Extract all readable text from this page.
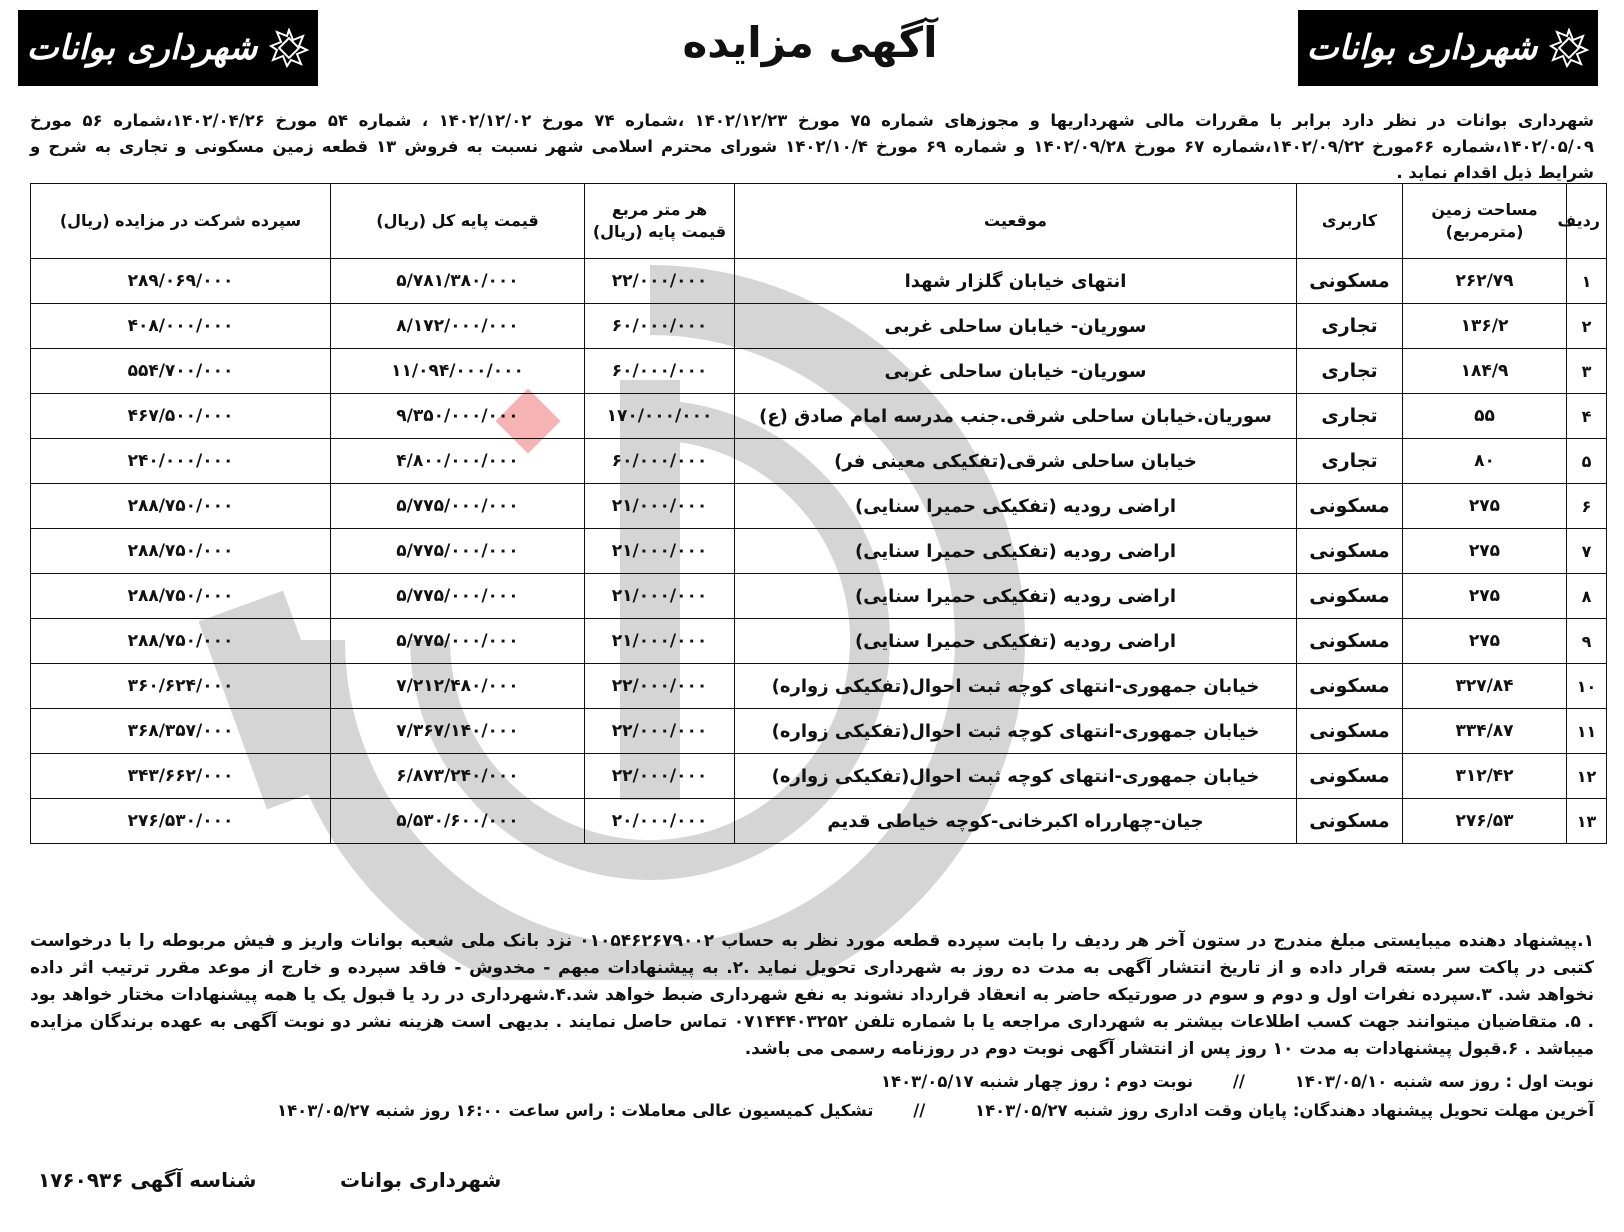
شهرداری بوانات
آگهی مزایده
شهرداری بوانات
شهرداری بوانات در نظر دارد برابر با مقررات مالی شهرداریها و مجوزهای شماره ۷۵ مورخ ۱۴۰۲/۱۲/۲۳ ،شماره ۷۴ مورخ ۱۴۰۲/۱۲/۰۲ ، شماره ۵۴ مورخ ۱۴۰۲/۰۴/۲۶،شماره ۵۶ مورخ ۱۴۰۲/۰۵/۰۹،شماره ۶۶مورخ ۱۴۰۲/۰۹/۲۲،شماره ۶۷ مورخ ۱۴۰۲/۰۹/۲۸ و شماره ۶۹ مورخ ۱۴۰۲/۱۰/۴ شورای محترم اسلامی شهر نسبت به فروش ۱۳ قطعه زمین مسکونی و تجاری به شرح و شرایط ذیل اقدام نماید .
ردیف	مساحت زمین (مترمربع)	کاربری	موقعیت	هر متر مربع قیمت پایه (ریال)	قیمت پایه کل (ریال)	سپرده شرکت در مزایده (ریال)
۱	۲۶۲/۷۹	مسکونی	انتهای خیابان گلزار شهدا	۲۲/۰۰۰/۰۰۰	۵/۷۸۱/۳۸۰/۰۰۰	۲۸۹/۰۶۹/۰۰۰
۲	۱۳۶/۲	تجاری	سوریان- خیابان ساحلی غربی	۶۰/۰۰۰/۰۰۰	۸/۱۷۲/۰۰۰/۰۰۰	۴۰۸/۰۰۰/۰۰۰
۳	۱۸۴/۹	تجاری	سوریان- خیابان ساحلی غربی	۶۰/۰۰۰/۰۰۰	۱۱/۰۹۴/۰۰۰/۰۰۰	۵۵۴/۷۰۰/۰۰۰
۴	۵۵	تجاری	سوریان.خیابان ساحلی شرقی.جنب مدرسه امام صادق (ع)	۱۷۰/۰۰۰/۰۰۰	۹/۳۵۰/۰۰۰/۰۰۰	۴۶۷/۵۰۰/۰۰۰
۵	۸۰	تجاری	خیابان ساحلی شرقی(تفکیکی معینی فر)	۶۰/۰۰۰/۰۰۰	۴/۸۰۰/۰۰۰/۰۰۰	۲۴۰/۰۰۰/۰۰۰
۶	۲۷۵	مسکونی	اراضی رودیه (تفکیکی حمیرا سنایی)	۲۱/۰۰۰/۰۰۰	۵/۷۷۵/۰۰۰/۰۰۰	۲۸۸/۷۵۰/۰۰۰
۷	۲۷۵	مسکونی	اراضی رودیه (تفکیکی حمیرا سنایی)	۲۱/۰۰۰/۰۰۰	۵/۷۷۵/۰۰۰/۰۰۰	۲۸۸/۷۵۰/۰۰۰
۸	۲۷۵	مسکونی	اراضی رودیه (تفکیکی حمیرا سنایی)	۲۱/۰۰۰/۰۰۰	۵/۷۷۵/۰۰۰/۰۰۰	۲۸۸/۷۵۰/۰۰۰
۹	۲۷۵	مسکونی	اراضی رودیه (تفکیکی حمیرا سنایی)	۲۱/۰۰۰/۰۰۰	۵/۷۷۵/۰۰۰/۰۰۰	۲۸۸/۷۵۰/۰۰۰
۱۰	۳۲۷/۸۴	مسکونی	خیابان جمهوری-انتهای کوچه ثبت احوال(تفکیکی زواره)	۲۲/۰۰۰/۰۰۰	۷/۲۱۲/۴۸۰/۰۰۰	۳۶۰/۶۲۴/۰۰۰
۱۱	۳۳۴/۸۷	مسکونی	خیابان جمهوری-انتهای کوچه ثبت احوال(تفکیکی زواره)	۲۲/۰۰۰/۰۰۰	۷/۳۶۷/۱۴۰/۰۰۰	۳۶۸/۳۵۷/۰۰۰
۱۲	۳۱۲/۴۲	مسکونی	خیابان جمهوری-انتهای کوچه ثبت احوال(تفکیکی زواره)	۲۲/۰۰۰/۰۰۰	۶/۸۷۳/۲۴۰/۰۰۰	۳۴۳/۶۶۲/۰۰۰
۱۳	۲۷۶/۵۳	مسکونی	جیان-چهارراه اکبرخانی-کوچه خیاطی قدیم	۲۰/۰۰۰/۰۰۰	۵/۵۳۰/۶۰۰/۰۰۰	۲۷۶/۵۳۰/۰۰۰
۱.پیشنهاد دهنده میبایستی مبلغ مندرج در ستون آخر هر ردیف را بابت سپرده قطعه مورد نظر به حساب ۰۱۰۵۴۶۲۶۷۹۰۰۲ نزد بانک ملی شعبه بوانات واریز و فیش مربوطه را با درخواست کتبی در پاکت سر بسته قرار داده و از تاریخ انتشار آگهی به مدت ده روز به شهرداری تحویل نماید .۲. به پیشنهادات مبهم - مخدوش - فاقد سپرده و خارج از موعد مقرر ترتیب اثر داده نخواهد شد. ۳.سپرده نفرات اول و دوم و سوم در صورتیکه حاضر به انعقاد قرارداد نشوند به نفع شهرداری ضبط خواهد شد.۴.شهرداری در رد یا قبول یک یا همه پیشنهادات مختار خواهد بود . ۵. متقاضیان میتوانند جهت کسب اطلاعات بیشتر به شهرداری مراجعه یا با شماره تلفن ۰۷۱۴۴۴۰۳۲۵۲ تماس حاصل نمایند . بدیهی است هزینه نشر دو نوبت آگهی به عهده برندگان مزایده میباشد . ۶.قبول پیشنهادات به مدت ۱۰ روز پس از انتشار آگهی نوبت دوم در روزنامه رسمی می باشد.
نوبت اول : روز سه شنبه ۱۴۰۳/۰۵/۱۰ // نوبت دوم : روز چهار شنبه ۱۴۰۳/۰۵/۱۷
آخرین مهلت تحویل پیشنهاد دهندگان: پایان وقت اداری روز شنبه ۱۴۰۳/۰۵/۲۷ // تشکیل کمیسیون عالی معاملات : راس ساعت ۱۶:۰۰ روز شنبه ۱۴۰۳/۰۵/۲۷
شهرداری بوانات
شناسه آگهی ۱۷۶۰۹۳۶
